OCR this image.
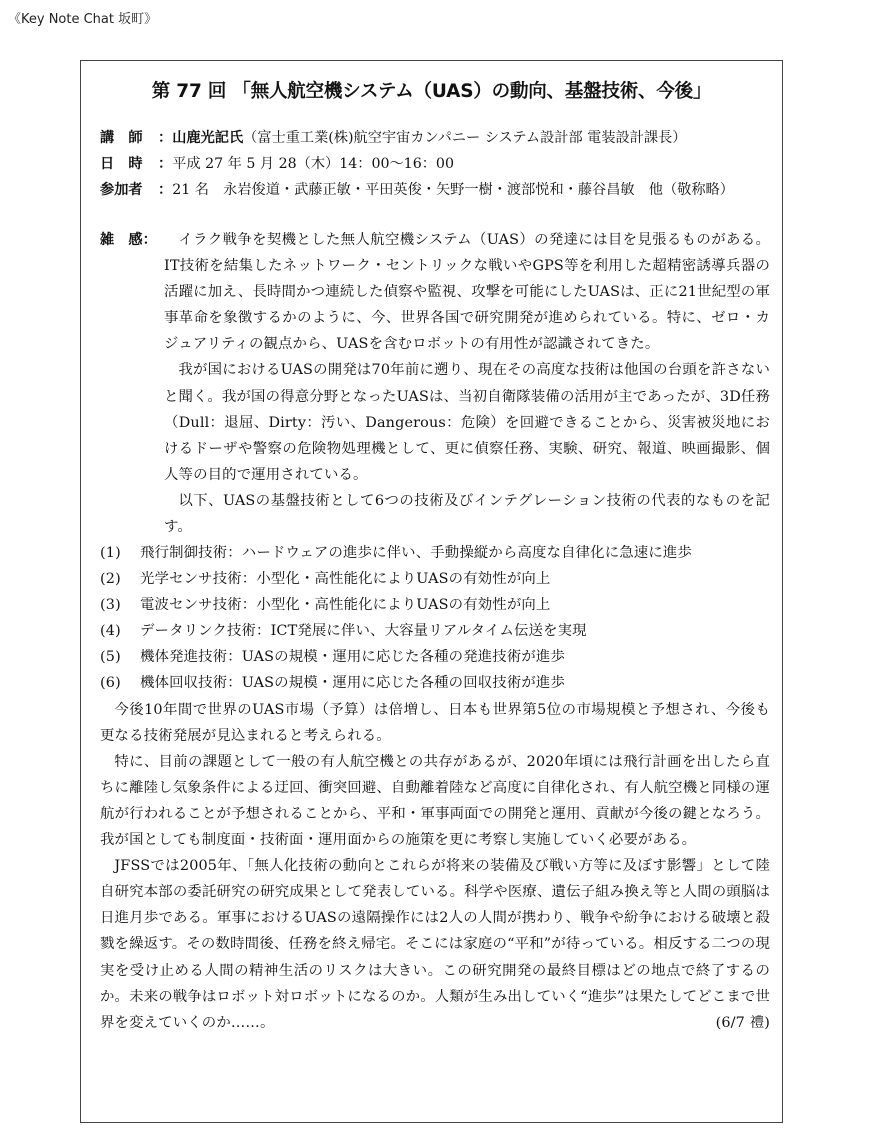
《Key Note Chat 坂町》
第 77 回 「無人航空機システム（UAS）の動向、基盤技術、今後」
講　師	： 山鹿光記氏 （富士重工業(株)航空宇宙カンパニー システム設計部 電装設計課長）
日　時	： 平成 27 年 5 月 28（木）14：00〜16：00
参加者	： 21 名　永岩俊道・武藤正敏・平田英俊・矢野一樹・渡部悦和・藤谷昌敏　他（敬称略）
雑　感：	イラク戦争を契機とした無人航空機システム（UAS）の発達には目を見張るものがある。IT技術を結集したネットワーク・セントリックな戦いやGPS等を利用した超精密誘導兵器の活躍に加え、長時間かつ連続した偵察や監視、攻撃を可能にしたUASは、正に21世紀型の軍事革命を象徴するかのように、今、世界各国で研究開発が進められている。特に、ゼロ・カジュアリティの観点から、UASを含むロボットの有用性が認識されてきた。

我が国におけるUASの開発は70年前に遡り、現在その高度な技術は他国の台頭を許さないと聞く。我が国の得意分野となったUASは、当初自衛隊装備の活用が主であったが、3D任務（Dull：退屈、Dirty：汚い、Dangerous：危険）を回避できることから、災害被災地におけるドーザや警察の危険物処理機として、更に偵察任務、実験、研究、報道、映画撮影、個人等の目的で運用されている。

以下、UASの基盤技術として6つの技術及びインテグレーション技術の代表的なものを記す。

(1) 飛行制御技術：ハードウェアの進歩に伴い、手動操縦から高度な自律化に急速に進歩
(2) 光学センサ技術：小型化・高性能化によりUASの有効性が向上
(3) 電波センサ技術：小型化・高性能化によりUASの有効性が向上
(4) データリンク技術：ICT発展に伴い、大容量リアルタイム伝送を実現
(5) 機体発進技術：UASの規模・運用に応じた各種の発進技術が進歩
(6) 機体回収技術：UASの規模・運用に応じた各種の回収技術が進歩

今後10年間で世界のUAS市場（予算）は倍増し、日本も世界第5位の市場規模と予想され、今後も更なる技術発展が見込まれると考えられる。

特に、目前の課題として一般の有人航空機との共存があるが、2020年頃には飛行計画を出したら直ちに離陸し気象条件による迂回、衝突回避、自動離着陸など高度に自律化され、有人航空機と同様の運航が行われることが予想されることから、平和・軍事両面での開発と運用、貢献が今後の鍵となろう。我が国としても制度面・技術面・運用面からの施策を更に考察し実施していく必要がある。

JFSSでは2005年、「無人化技術の動向とこれらが将来の装備及び戦い方等に及ぼす影響」として陸自研究本部の委託研究の研究成果として発表している。科学や医療、遺伝子組み換え等と人間の頭脳は日進月歩である。軍事におけるUASの遠隔操作には2人の人間が携わり、戦争や紛争における破壊と殺戮を繰返す。その数時間後、任務を終え帰宅。そこには家庭の“平和”が待っている。相反する二つの現実を受け止める人間の精神生活のリスクは大きい。この研究開発の最終目標はどの地点で終了するのか。未来の戦争はロボット対ロボットになるのか。人類が生み出していく“進歩”は果たしてどこまで世界を変えていくのか……。	(6/7 禮)
